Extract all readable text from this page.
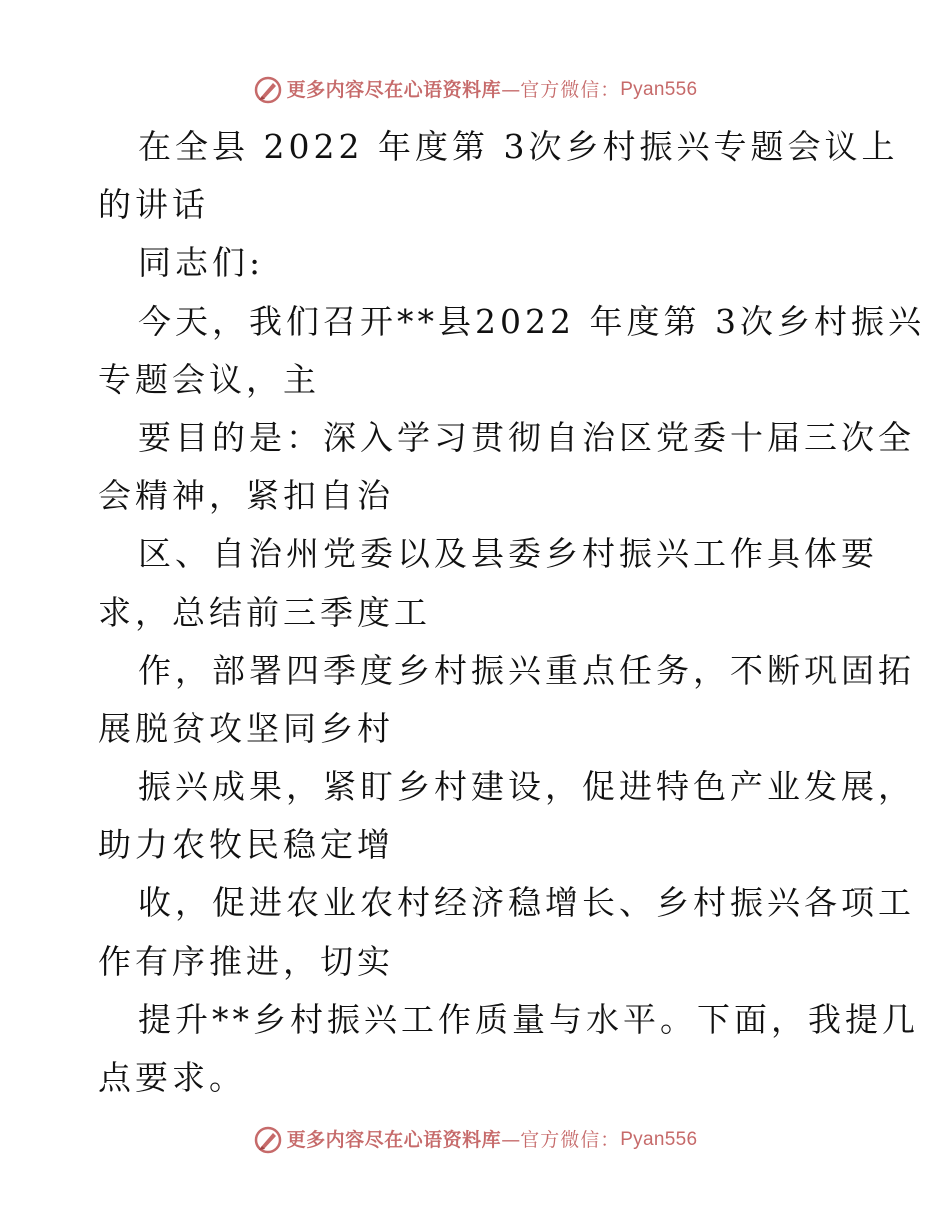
更多内容尽在心语资料库 — 官方微信： Pyan556
在全县 2022 年度第 3次乡村振兴专题会议上
的讲话
同志们:
今天，我们召开**县2022 年度第 3次乡村振兴
专题会议，主
要目的是：深入学习贯彻自治区党委十届三次全
会精神，紧扣自治
区、自治州党委以及县委乡村振兴工作具体要
求，总结前三季度工
作，部署四季度乡村振兴重点任务，不断巩固拓
展脱贫攻坚同乡村
振兴成果，紧盯乡村建设，促进特色产业发展，
助力农牧民稳定增
收，促进农业农村经济稳增长、乡村振兴各项工
作有序推进，切实
提升**乡村振兴工作质量与水平。下面，我提几
点要求。
更多内容尽在心语资料库 — 官方微信： Pyan556
